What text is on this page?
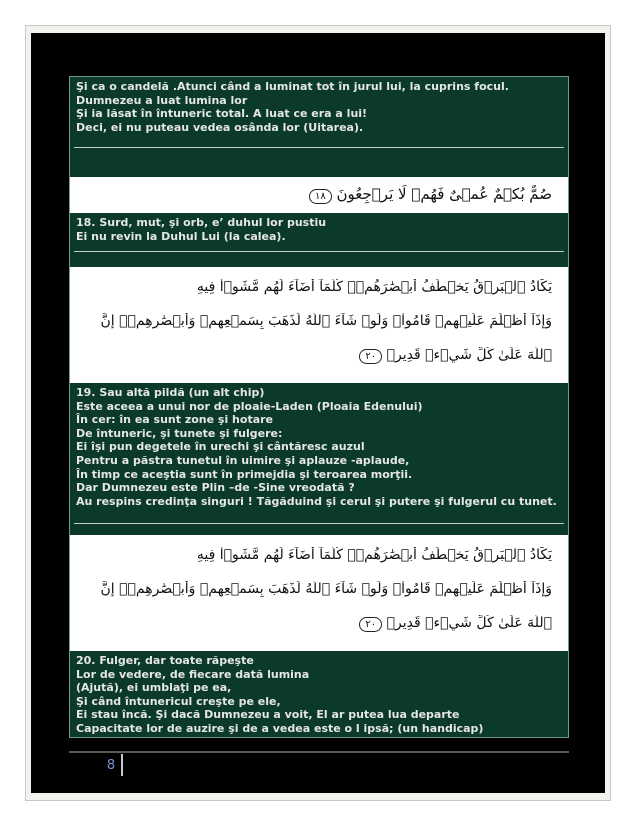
Şi ca o candelă .Atunci când a luminat tot în jurul lui, la cuprins focul.
Dumnezeu a luat lumina lor
Şi ia lăsat în întuneric total. A luat ce era a lui!
Deci, ei nu puteau vedea osânda lor (Uitarea).
صُمٌّ بُكۡمٌ عُمۡىٌ فَهُمۡ لَا يَرۡجِعُونَ ١٨
18. Surd, mut, şi orb, e’ duhul lor pustiu
Ei nu revin la Duhul Lui (la calea).
يَكَادُ ٱلۡبَرۡقُ يَخۡطَفُ أَبۡصَٰرَهُمۡۖ كُلَّمَآ أَضَآءَ لَهُم مَّشَوۡاْ فِيهِ
وَإِذَآ أَظۡلَمَ عَلَيۡهِمۡ قَامُواْۚ وَلَوۡ شَآءَ ٱللَّهُ لَذَهَبَ بِسَمۡعِهِمۡ وَأَبۡصَٰرِهِمۡۚ إِنَّ
ٱللَّهَ عَلَىٰ كُلِّ شَيۡءٖ قَدِيرٞ ٢٠
19. Sau altă pildă (un alt chip)
Este aceea a unui nor de ploaie-Laden (Ploaia Edenului)
În cer: în ea sunt zone şi hotare
De întuneric, şi tunete şi fulgere:
Ei îşi pun degetele în urechi şi cântăresc auzul
Pentru a păstra tunetul în uimire şi aplauze -aplaude,
În timp ce aceştia sunt în primejdia şi teroarea morţii.
Dar Dumnezeu este Plin –de -Sine vreodată ?
Au respins credinţa singuri ! Tăgăduind şi cerul şi putere şi fulgerul cu tunet.
يَكَادُ ٱلۡبَرۡقُ يَخۡطَفُ أَبۡصَٰرَهُمۡۖ كُلَّمَآ أَضَآءَ لَهُم مَّشَوۡاْ فِيهِ
وَإِذَآ أَظۡلَمَ عَلَيۡهِمۡ قَامُواْۚ وَلَوۡ شَآءَ ٱللَّهُ لَذَهَبَ بِسَمۡعِهِمۡ وَأَبۡصَٰرِهِمۡۚ إِنَّ
ٱللَّهَ عَلَىٰ كُلِّ شَيۡءٖ قَدِيرٞ ٢٠
20. Fulger, dar toate răpeşte
Lor de vedere, de fiecare dată lumina
(Ajută), ei umblaţi pe ea,
Şi când întunericul creşte pe ele,
Ei stau încă. Şi dacă Dumnezeu a voit, El ar putea lua departe
Capacitate lor de auzire şi de a vedea este o l ipsă; (un handicap)
8
